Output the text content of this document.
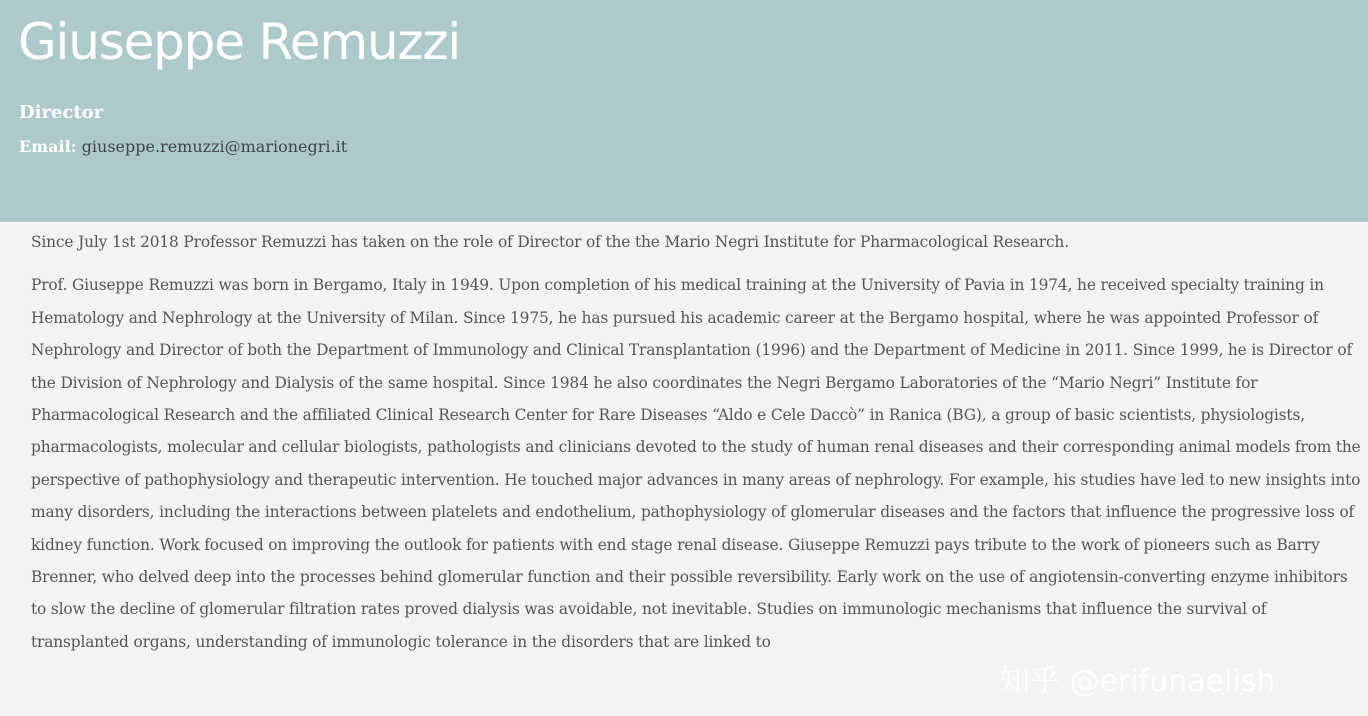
Giuseppe Remuzzi
Director
Email: giuseppe.remuzzi@marionegri.it

Since July 1st 2018 Professor Remuzzi has taken on the role of Director of the the Mario Negri Institute for Pharmacological Research.

Prof. Giuseppe Remuzzi was born in Bergamo, Italy in 1949. Upon completion of his medical training at the University of Pavia in 1974, he received specialty training in Hematology and Nephrology at the University of Milan. Since 1975, he has pursued his academic career at the Bergamo hospital, where he was appointed Professor of Nephrology and Director of both the Department of Immunology and Clinical Transplantation (1996) and the Department of Medicine in 2011. Since 1999, he is Director of the Division of Nephrology and Dialysis of the same hospital. Since 1984 he also coordinates the Negri Bergamo Laboratories of the “Mario Negri” Institute for Pharmacological Research and the affiliated Clinical Research Center for Rare Diseases “Aldo e Cele Daccò” in Ranica (BG), a group of basic scientists, physiologists, pharmacologists, molecular and cellular biologists, pathologists and clinicians devoted to the study of human renal diseases and their corresponding animal models from the perspective of pathophysiology and therapeutic intervention. He touched major advances in many areas of nephrology. For example, his studies have led to new insights into many disorders, including the interactions between platelets and endothelium, pathophysiology of glomerular diseases and the factors that influence the progressive loss of kidney function. Work focused on improving the outlook for patients with end stage renal disease. Giuseppe Remuzzi pays tribute to the work of pioneers such as Barry Brenner, who delved deep into the processes behind glomerular function and their possible reversibility. Early work on the use of angiotensin-converting enzyme inhibitors to slow the decline of glomerular filtration rates proved dialysis was avoidable, not inevitable. Studies on immunologic mechanisms that influence the survival of transplanted organs, understanding of immunologic tolerance in the disorders that are linked to

知乎 @erifunaelish
